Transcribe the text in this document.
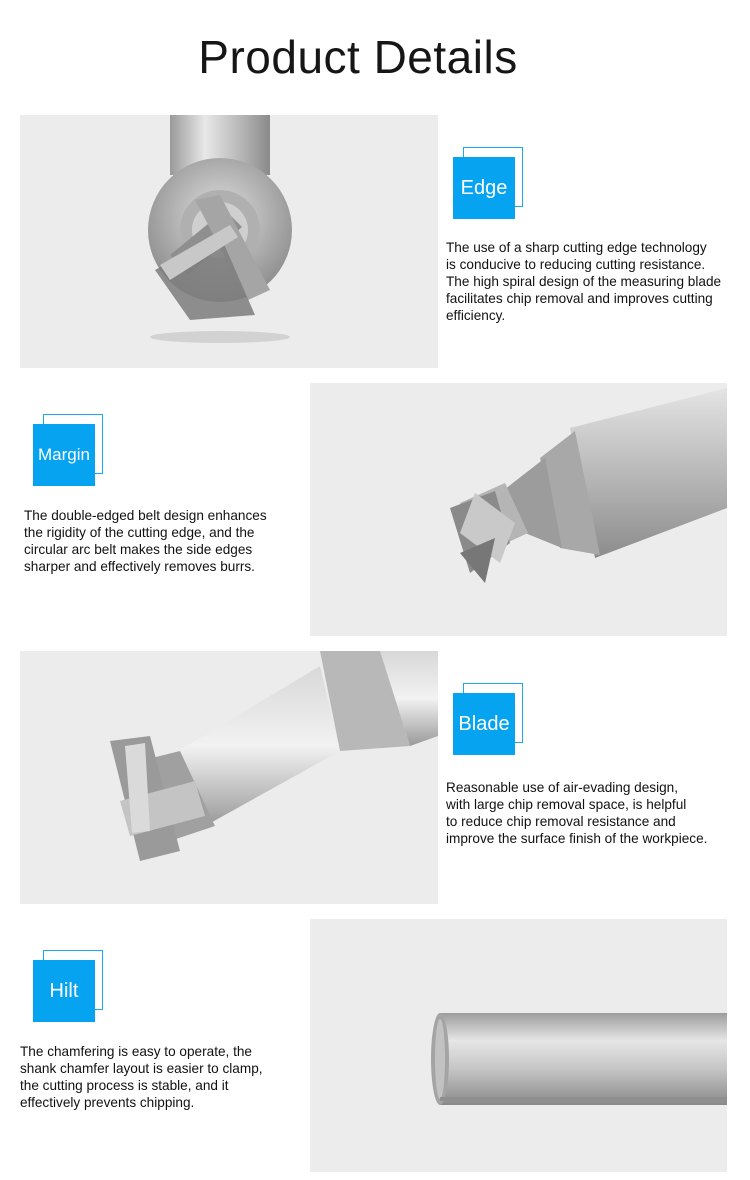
Product Details
Edge
The use of a sharp cutting edge technology
is conducive to reducing cutting resistance.
The high spiral design of the measuring blade
facilitates chip removal and improves cutting
efficiency.
Margin
The double-edged belt design enhances
the rigidity of the cutting edge, and the
circular arc belt makes the side edges
sharper and effectively removes burrs.
Blade
Reasonable use of air-evading design,
with large chip removal space, is helpful
to reduce chip removal resistance and
improve the surface finish of the workpiece.
Hilt
The chamfering is easy to operate, the
shank chamfer layout is easier to clamp,
the cutting process is stable, and it
effectively prevents chipping.
